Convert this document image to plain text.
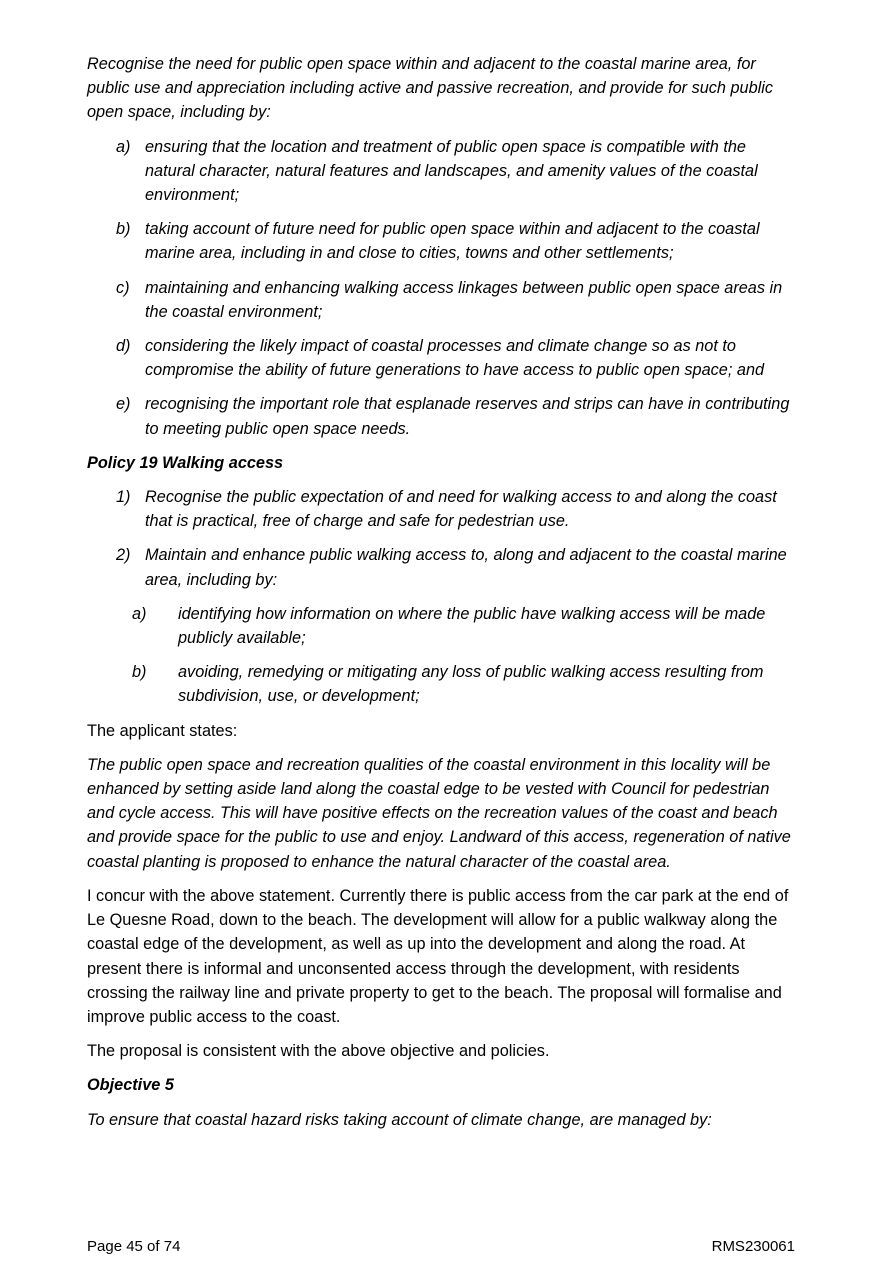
Recognise the need for public open space within and adjacent to the coastal marine area, for public use and appreciation including active and passive recreation, and provide for such public open space, including by:

a) ensuring that the location and treatment of public open space is compatible with the natural character, natural features and landscapes, and amenity values of the coastal environment;
b) taking account of future need for public open space within and adjacent to the coastal marine area, including in and close to cities, towns and other settlements;
c) maintaining and enhancing walking access linkages between public open space areas in the coastal environment;
d) considering the likely impact of coastal processes and climate change so as not to compromise the ability of future generations to have access to public open space; and
e) recognising the important role that esplanade reserves and strips can have in contributing to meeting public open space needs.

Policy 19 Walking access

1) Recognise the public expectation of and need for walking access to and along the coast that is practical, free of charge and safe for pedestrian use.
2) Maintain and enhance public walking access to, along and adjacent to the coastal marine area, including by:
a)	identifying how information on where the public have walking access will be made publicly available;
b)	avoiding, remedying or mitigating any loss of public walking access resulting from subdivision, use, or development;

The applicant states:

The public open space and recreation qualities of the coastal environment in this locality will be enhanced by setting aside land along the coastal edge to be vested with Council for pedestrian and cycle access. This will have positive effects on the recreation values of the coast and beach and provide space for the public to use and enjoy. Landward of this access, regeneration of native coastal planting is proposed to enhance the natural character of the coastal area.

I concur with the above statement. Currently there is public access from the car park at the end of Le Quesne Road, down to the beach. The development will allow for a public walkway along the coastal edge of the development, as well as up into the development and along the road. At present there is informal and unconsented access through the development, with residents crossing the railway line and private property to get to the beach. The proposal will formalise and improve public access to the coast.

The proposal is consistent with the above objective and policies.

Objective 5

To ensure that coastal hazard risks taking account of climate change, are managed by:

Page 45 of 74	RMS230061
